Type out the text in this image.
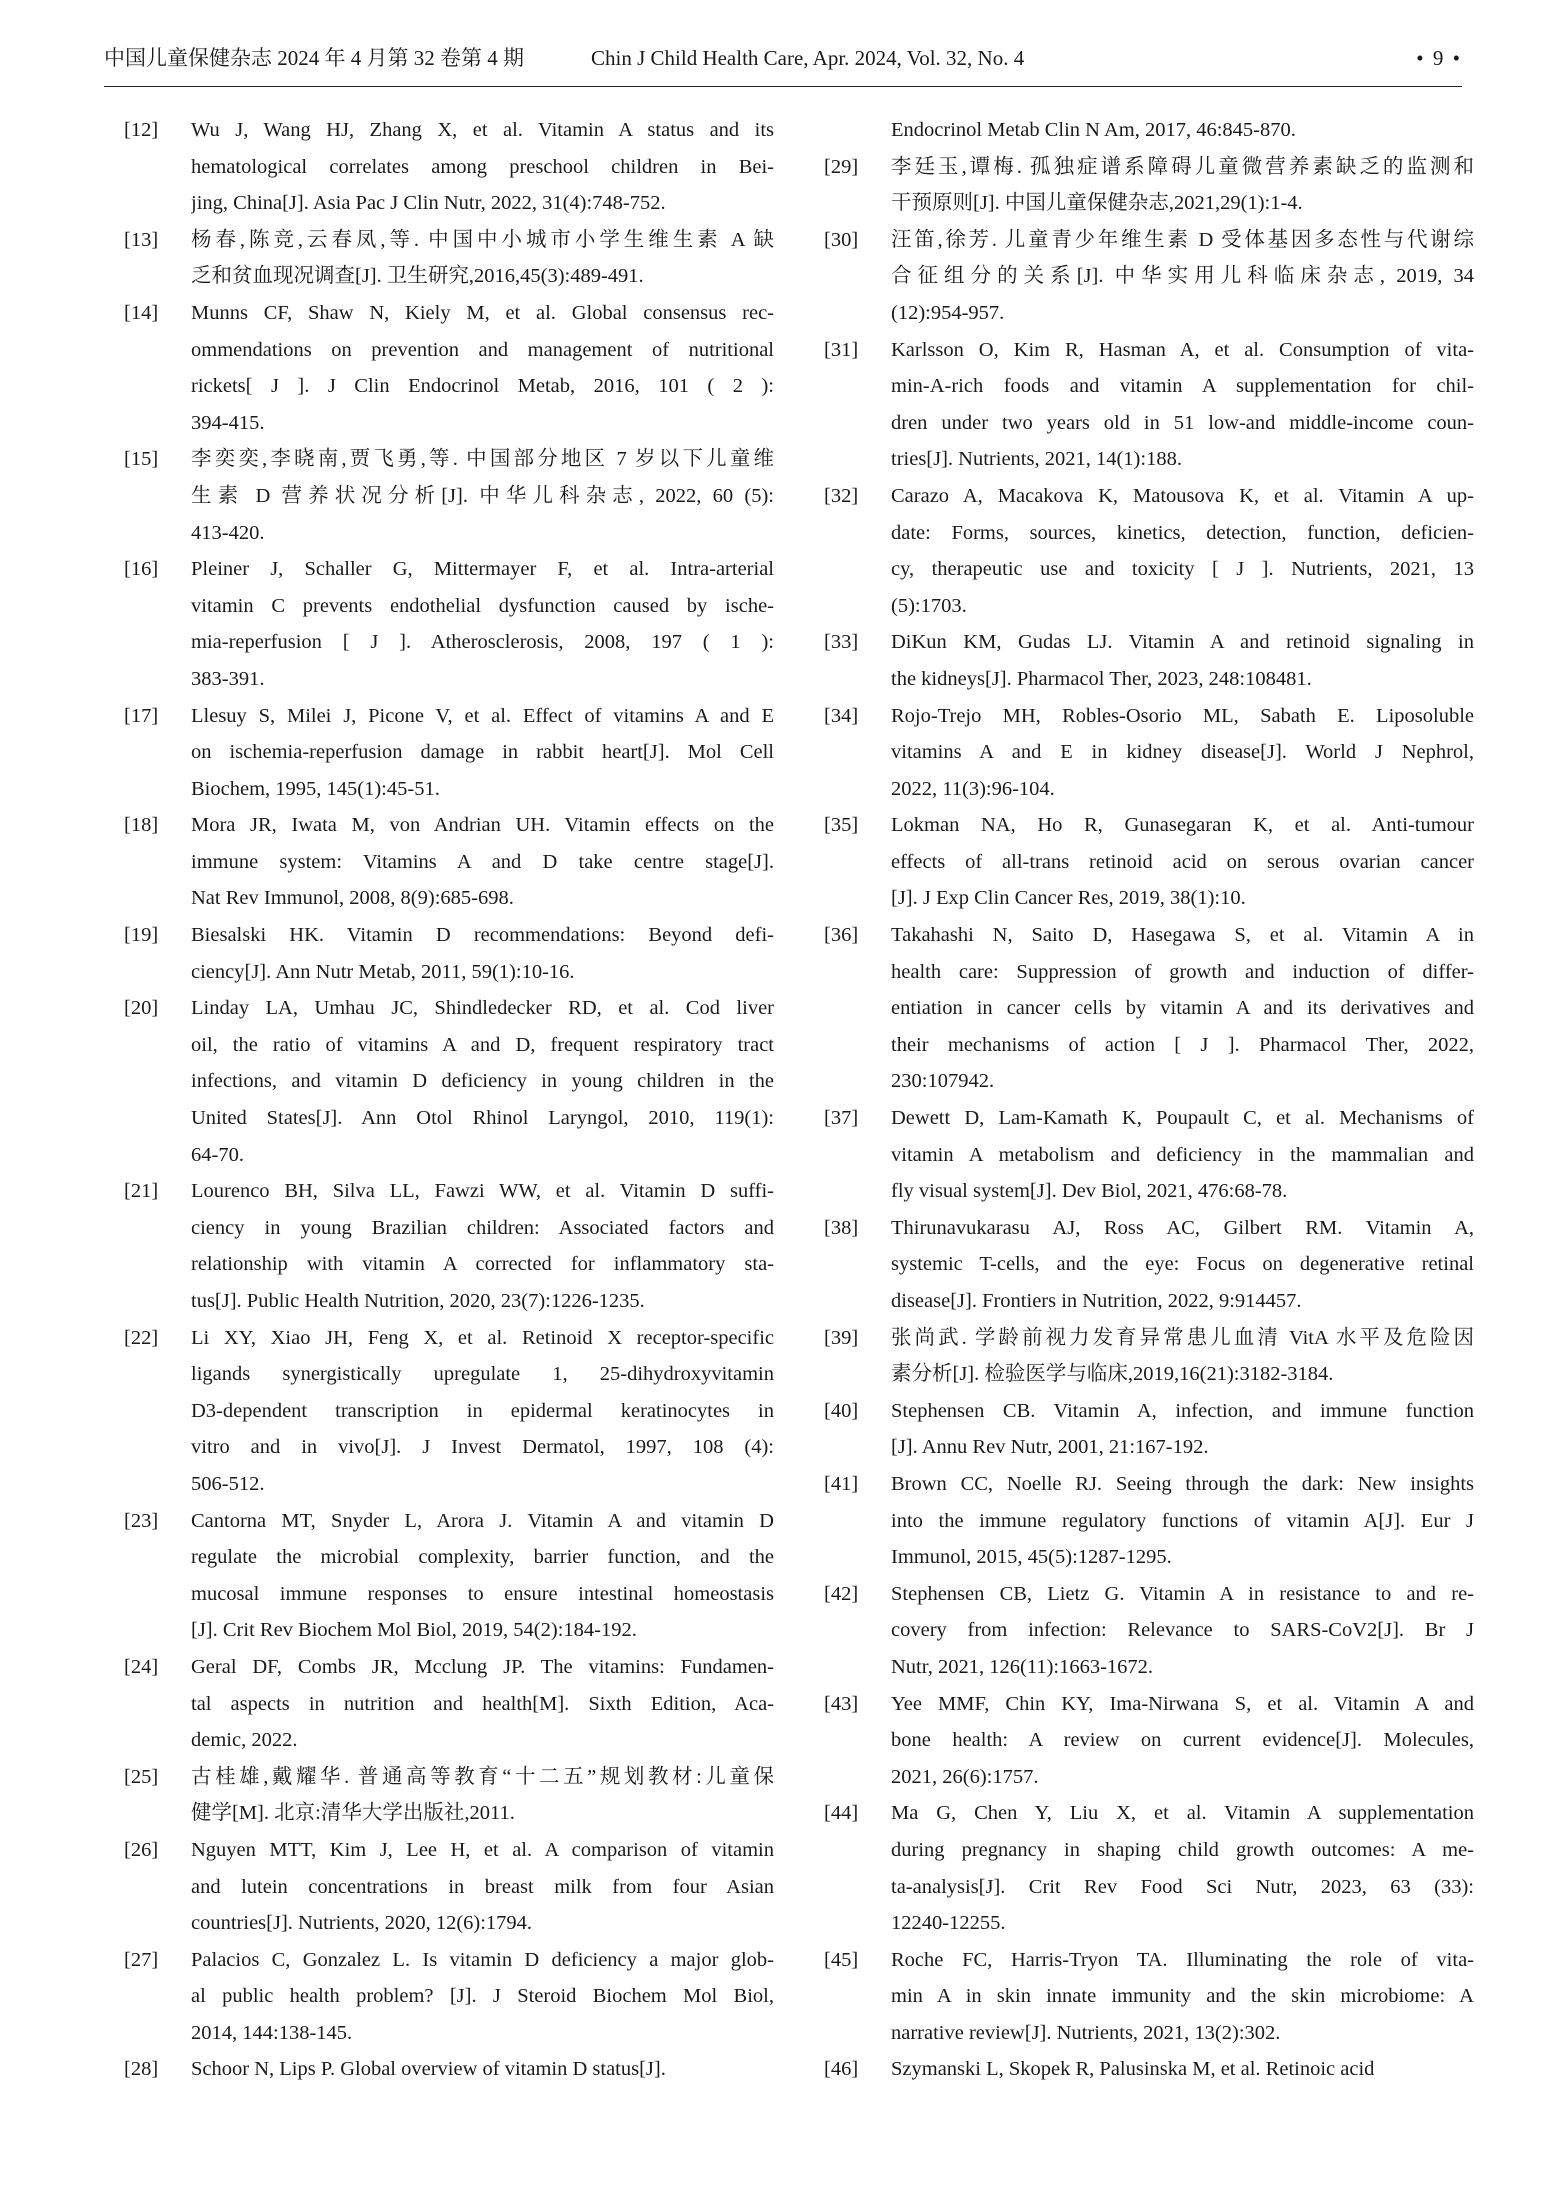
中国儿童保健杂志 2024 年 4 月第 32 卷第 4 期	Chin J Child Health Care, Apr. 2024, Vol. 32, No. 4	• 9 •
[12] Wu J, Wang HJ, Zhang X, et al. Vitamin A status and its
hematological correlates among preschool children in Bei-
jing, China[J]. Asia Pac J Clin Nutr, 2022, 31(4):748-752.
[13] 杨春,陈竞,云春凤,等. 中国中小城市小学生维生素 A 缺
乏和贫血现况调查[J]. 卫生研究,2016,45(3):489-491.
[14] Munns CF, Shaw N, Kiely M, et al. Global consensus rec-
ommendations on prevention and management of nutritional
rickets[ J ]. J Clin Endocrinol Metab, 2016, 101 ( 2 ):
394-415.
[15] 李奕奕,李晓南,贾飞勇,等. 中国部分地区 7 岁以下儿童维
生素 D 营养状况分析[J]. 中华儿科杂志, 2022, 60 (5):
413-420.
[16] Pleiner J, Schaller G, Mittermayer F, et al. Intra-arterial
vitamin C prevents endothelial dysfunction caused by ische-
mia-reperfusion [ J ]. Atherosclerosis, 2008, 197 ( 1 ):
383-391.
[17] Llesuy S, Milei J, Picone V, et al. Effect of vitamins A and E
on ischemia-reperfusion damage in rabbit heart[J]. Mol Cell
Biochem, 1995, 145(1):45-51.
[18] Mora JR, Iwata M, von Andrian UH. Vitamin effects on the
immune system: Vitamins A and D take centre stage[J].
Nat Rev Immunol, 2008, 8(9):685-698.
[19] Biesalski HK. Vitamin D recommendations: Beyond defi-
ciency[J]. Ann Nutr Metab, 2011, 59(1):10-16.
[20] Linday LA, Umhau JC, Shindledecker RD, et al. Cod liver
oil, the ratio of vitamins A and D, frequent respiratory tract
infections, and vitamin D deficiency in young children in the
United States[J]. Ann Otol Rhinol Laryngol, 2010, 119(1):
64-70.
[21] Lourenco BH, Silva LL, Fawzi WW, et al. Vitamin D suffi-
ciency in young Brazilian children: Associated factors and
relationship with vitamin A corrected for inflammatory sta-
tus[J]. Public Health Nutrition, 2020, 23(7):1226-1235.
[22] Li XY, Xiao JH, Feng X, et al. Retinoid X receptor-specific
ligands synergistically upregulate 1, 25-dihydroxyvitamin
D3-dependent transcription in epidermal keratinocytes in
vitro and in vivo[J]. J Invest Dermatol, 1997, 108 (4):
506-512.
[23] Cantorna MT, Snyder L, Arora J. Vitamin A and vitamin D
regulate the microbial complexity, barrier function, and the
mucosal immune responses to ensure intestinal homeostasis
[J]. Crit Rev Biochem Mol Biol, 2019, 54(2):184-192.
[24] Geral DF, Combs JR, Mcclung JP. The vitamins: Fundamen-
tal aspects in nutrition and health[M]. Sixth Edition, Aca-
demic, 2022.
[25] 古桂雄,戴耀华. 普通高等教育“十二五”规划教材:儿童保
健学[M]. 北京:清华大学出版社,2011.
[26] Nguyen MTT, Kim J, Lee H, et al. A comparison of vitamin
and lutein concentrations in breast milk from four Asian
countries[J]. Nutrients, 2020, 12(6):1794.
[27] Palacios C, Gonzalez L. Is vitamin D deficiency a major glob-
al public health problem? [J]. J Steroid Biochem Mol Biol,
2014, 144:138-145.
[28] Schoor N, Lips P. Global overview of vitamin D status[J].
Endocrinol Metab Clin N Am, 2017, 46:845-870.
[29] 李廷玉,谭梅. 孤独症谱系障碍儿童微营养素缺乏的监测和
干预原则[J]. 中国儿童保健杂志,2021,29(1):1-4.
[30] 汪笛,徐芳. 儿童青少年维生素 D 受体基因多态性与代谢综
合征组分的关系[J]. 中华实用儿科临床杂志, 2019, 34
(12):954-957.
[31] Karlsson O, Kim R, Hasman A, et al. Consumption of vita-
min-A-rich foods and vitamin A supplementation for chil-
dren under two years old in 51 low-and middle-income coun-
tries[J]. Nutrients, 2021, 14(1):188.
[32] Carazo A, Macakova K, Matousova K, et al. Vitamin A up-
date: Forms, sources, kinetics, detection, function, deficien-
cy, therapeutic use and toxicity [ J ]. Nutrients, 2021, 13
(5):1703.
[33] DiKun KM, Gudas LJ. Vitamin A and retinoid signaling in
the kidneys[J]. Pharmacol Ther, 2023, 248:108481.
[34] Rojo-Trejo MH, Robles-Osorio ML, Sabath E. Liposoluble
vitamins A and E in kidney disease[J]. World J Nephrol,
2022, 11(3):96-104.
[35] Lokman NA, Ho R, Gunasegaran K, et al. Anti-tumour
effects of all-trans retinoid acid on serous ovarian cancer
[J]. J Exp Clin Cancer Res, 2019, 38(1):10.
[36] Takahashi N, Saito D, Hasegawa S, et al. Vitamin A in
health care: Suppression of growth and induction of differ-
entiation in cancer cells by vitamin A and its derivatives and
their mechanisms of action [ J ]. Pharmacol Ther, 2022,
230:107942.
[37] Dewett D, Lam-Kamath K, Poupault C, et al. Mechanisms of
vitamin A metabolism and deficiency in the mammalian and
fly visual system[J]. Dev Biol, 2021, 476:68-78.
[38] Thirunavukarasu AJ, Ross AC, Gilbert RM. Vitamin A,
systemic T-cells, and the eye: Focus on degenerative retinal
disease[J]. Frontiers in Nutrition, 2022, 9:914457.
[39] 张尚武. 学龄前视力发育异常患儿血清 VitA 水平及危险因
素分析[J]. 检验医学与临床,2019,16(21):3182-3184.
[40] Stephensen CB. Vitamin A, infection, and immune function
[J]. Annu Rev Nutr, 2001, 21:167-192.
[41] Brown CC, Noelle RJ. Seeing through the dark: New insights
into the immune regulatory functions of vitamin A[J]. Eur J
Immunol, 2015, 45(5):1287-1295.
[42] Stephensen CB, Lietz G. Vitamin A in resistance to and re-
covery from infection: Relevance to SARS-CoV2[J]. Br J
Nutr, 2021, 126(11):1663-1672.
[43] Yee MMF, Chin KY, Ima-Nirwana S, et al. Vitamin A and
bone health: A review on current evidence[J]. Molecules,
2021, 26(6):1757.
[44] Ma G, Chen Y, Liu X, et al. Vitamin A supplementation
during pregnancy in shaping child growth outcomes: A me-
ta-analysis[J]. Crit Rev Food Sci Nutr, 2023, 63 (33):
12240-12255.
[45] Roche FC, Harris-Tryon TA. Illuminating the role of vita-
min A in skin innate immunity and the skin microbiome: A
narrative review[J]. Nutrients, 2021, 13(2):302.
[46] Szymanski L, Skopek R, Palusinska M, et al. Retinoic acid
